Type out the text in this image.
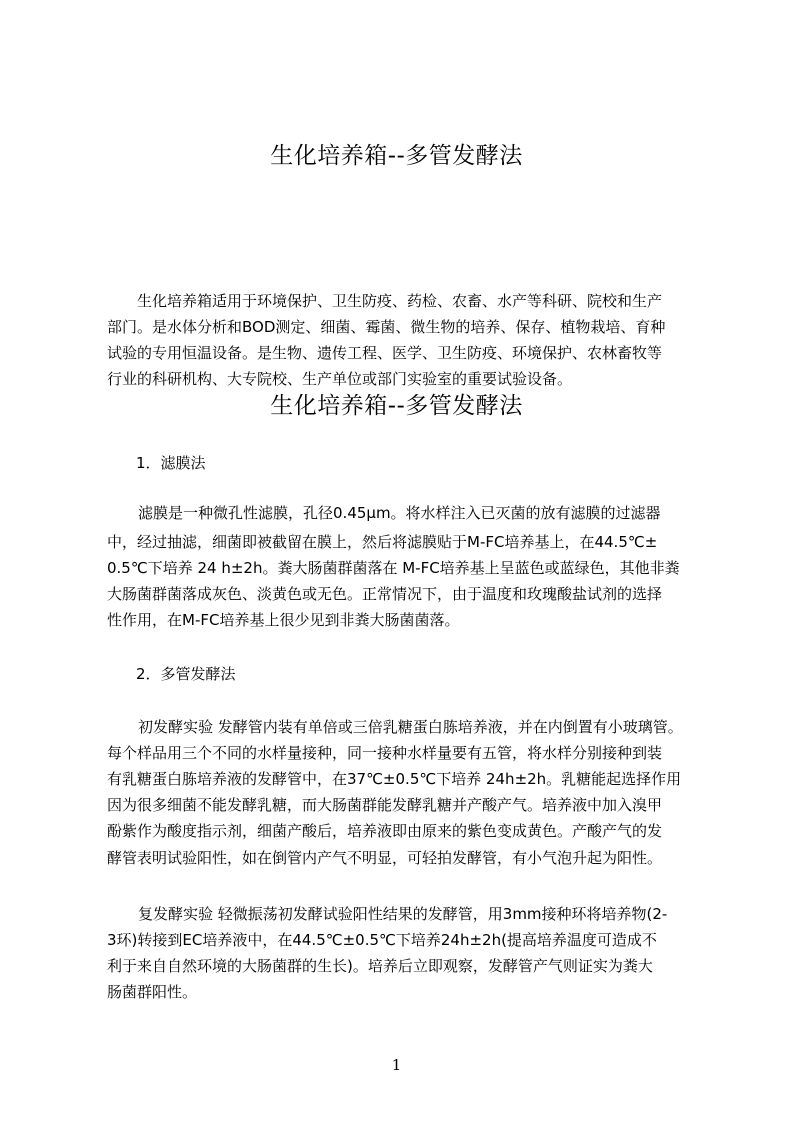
生化培养箱--多管发酵法
生化培养箱适用于环境保护、卫生防疫、药检、农畜、水产等科研、院校和生产
部门。是水体分析和BOD测定、细菌、霉菌、微生物的培养、保存、植物栽培、育种
试验的专用恒温设备。是生物、遗传工程、医学、卫生防疫、环境保护、农林畜牧等
行业的科研机构、大专院校、生产单位或部门实验室的重要试验设备。
生化培养箱--多管发酵法
1．滤膜法
滤膜是一种微孔性滤膜，孔径0.45μm。将水样注入已灭菌的放有滤膜的过滤器
中，经过抽滤，细菌即被截留在膜上，然后将滤膜贴于M-FC培养基上，在44.5℃±
0.5℃下培养 24 h±2h。粪大肠菌群菌落在 M-FC培养基上呈蓝色或蓝绿色，其他非粪
大肠菌群菌落成灰色、淡黄色或无色。正常情况下，由于温度和玫瑰酸盐试剂的选择
性作用，在M-FC培养基上很少见到非粪大肠菌菌落。
2．多管发酵法
初发酵实验 发酵管内装有单倍或三倍乳糖蛋白胨培养液，并在内倒置有小玻璃管。
每个样品用三个不同的水样量接种，同一接种水样量要有五管，将水样分别接种到装
有乳糖蛋白胨培养液的发酵管中，在37℃±0.5℃下培养 24h±2h。乳糖能起选择作用
因为很多细菌不能发酵乳糖，而大肠菌群能发酵乳糖并产酸产气。培养液中加入溴甲
酚紫作为酸度指示剂，细菌产酸后，培养液即由原来的紫色变成黄色。产酸产气的发
酵管表明试验阳性，如在倒管内产气不明显，可轻拍发酵管，有小气泡升起为阳性。
复发酵实验 轻微振荡初发酵试验阳性结果的发酵管，用3mm接种环将培养物(2-
3环)转接到EC培养液中，在44.5℃±0.5℃下培养24h±2h(提高培养温度可造成不
利于来自自然环境的大肠菌群的生长)。培养后立即观察，发酵管产气则证实为粪大
肠菌群阳性。
1
